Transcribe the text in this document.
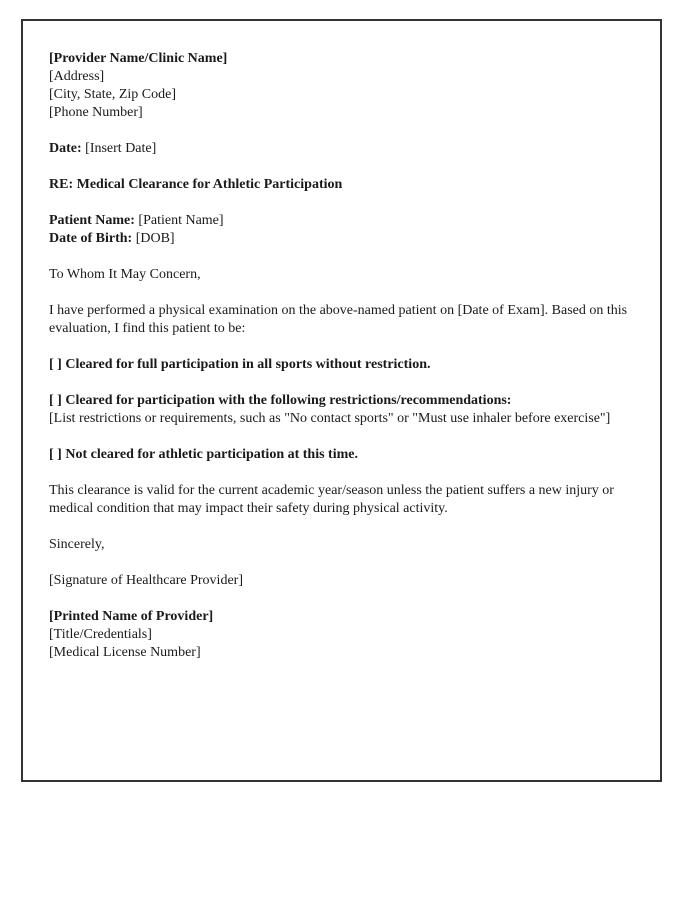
[Provider Name/Clinic Name]

[Address]

[City, State, Zip Code]

[Phone Number]

Date: [Insert Date]

RE: Medical Clearance for Athletic Participation

Patient Name: [Patient Name]

Date of Birth: [DOB]

To Whom It May Concern,

I have performed a physical examination on the above-named patient on [Date of Exam]. Based on this evaluation, I find this patient to be:

[ ] Cleared for full participation in all sports without restriction.

[ ] Cleared for participation with the following restrictions/recommendations:

[List restrictions or requirements, such as "No contact sports" or "Must use inhaler before exercise"]

[ ] Not cleared for athletic participation at this time.

This clearance is valid for the current academic year/season unless the patient suffers a new injury or medical condition that may impact their safety during physical activity.

Sincerely,

[Signature of Healthcare Provider]

[Printed Name of Provider]

[Title/Credentials]

[Medical License Number]
